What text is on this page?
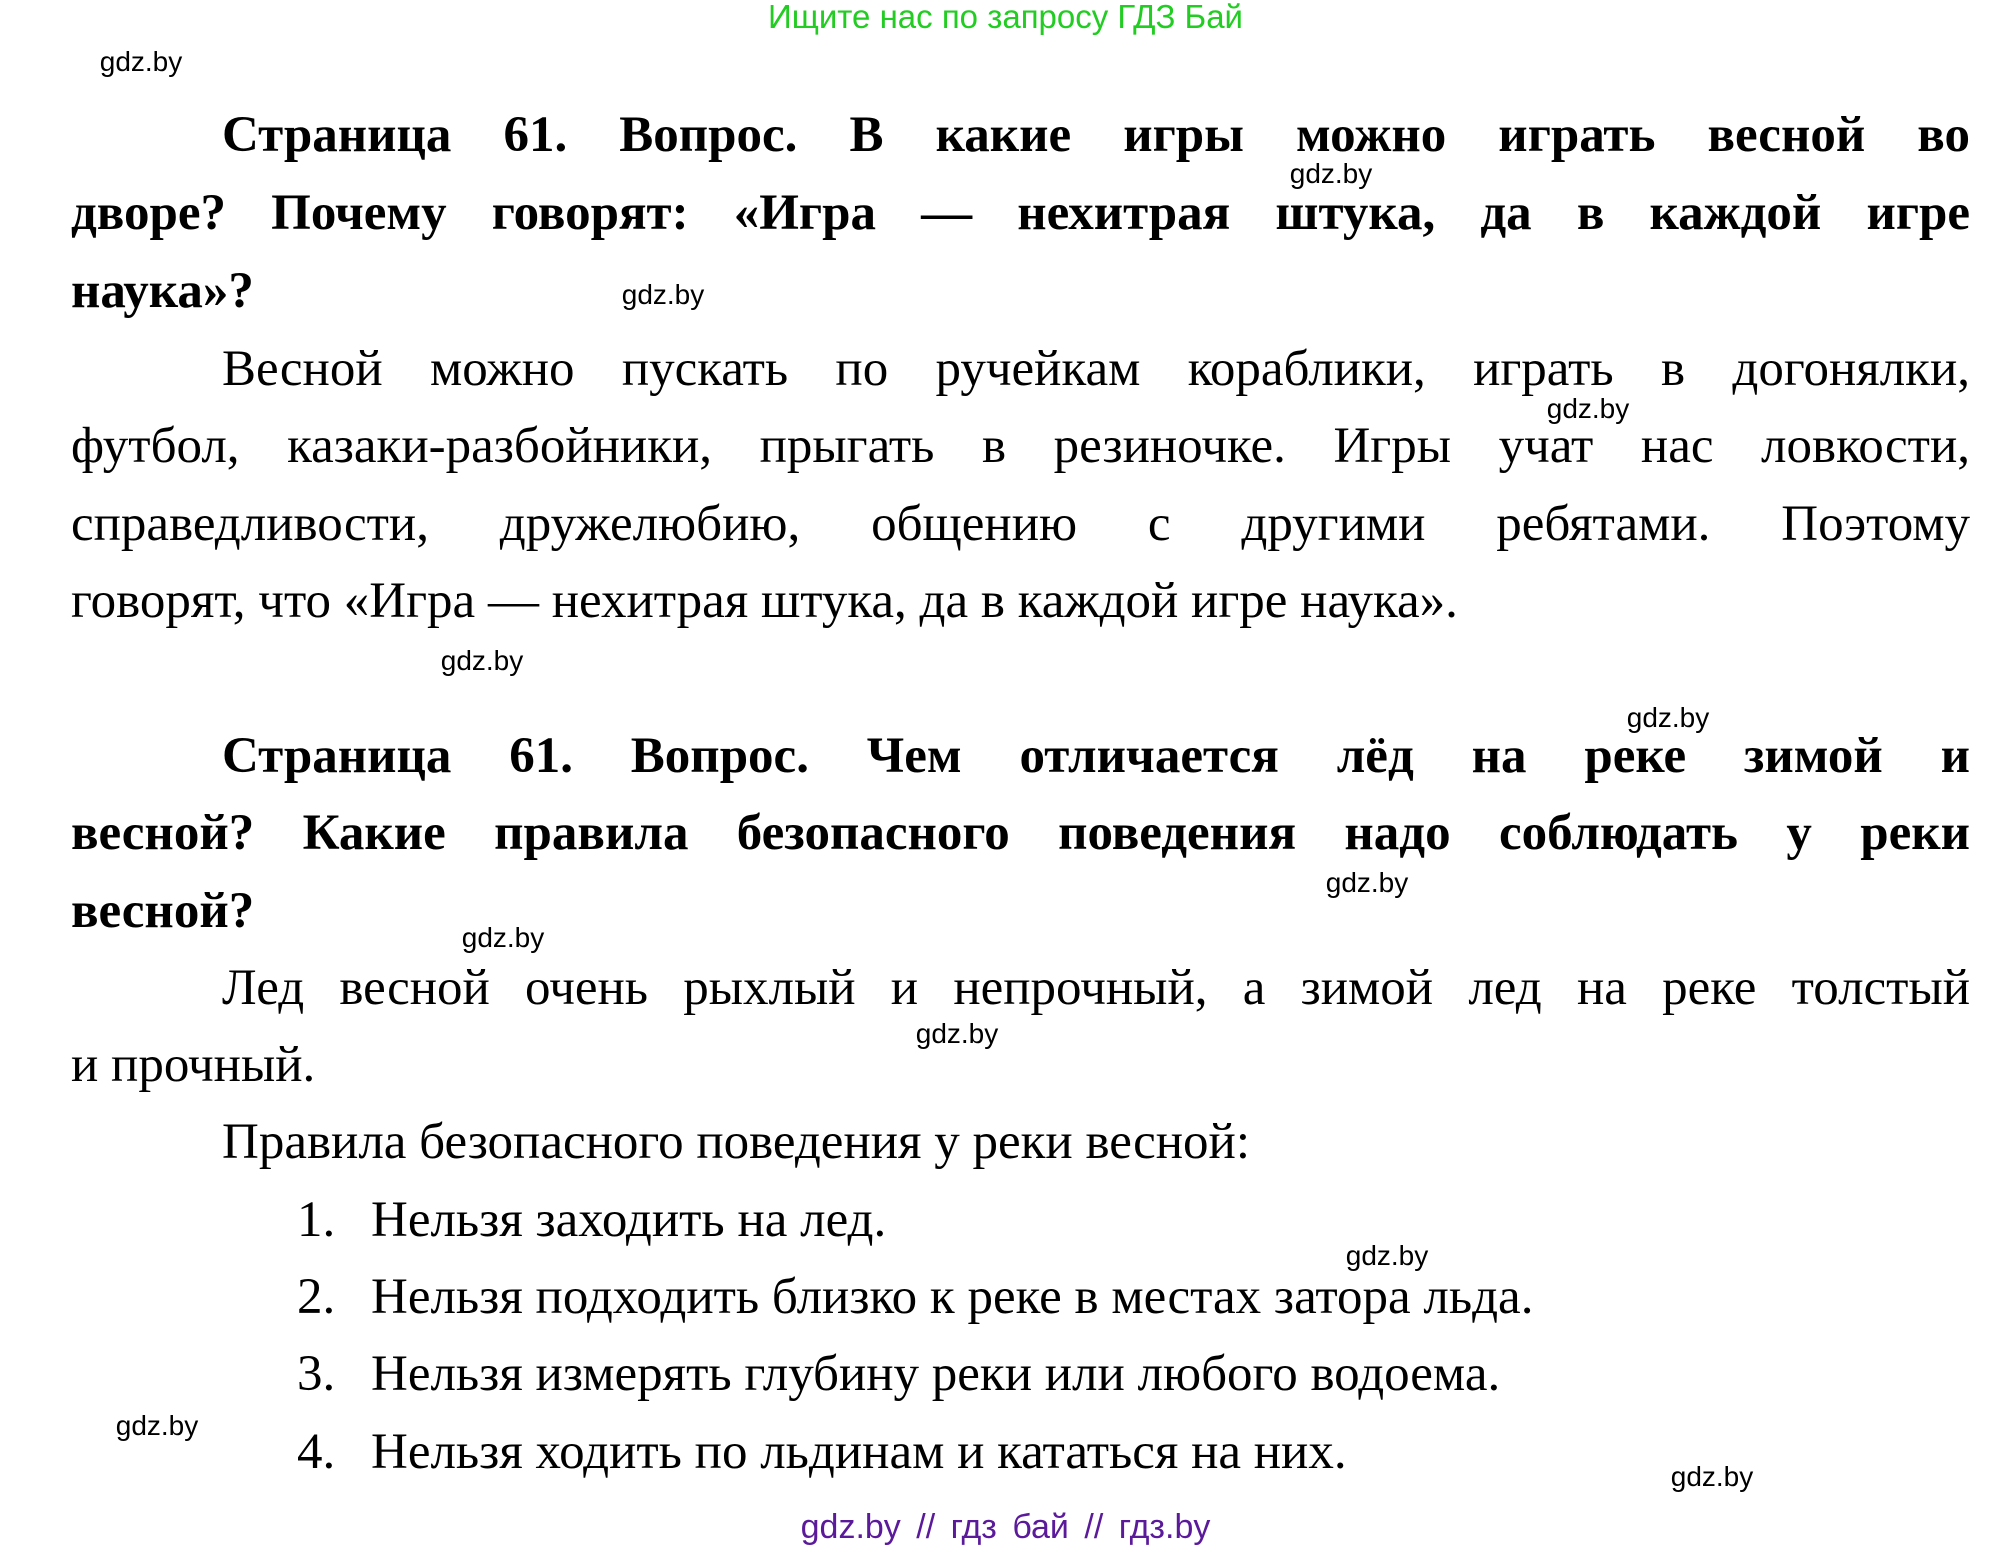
Ищите нас по запросу ГДЗ Бай
Страница 61. Вопрос. В какие игры можно играть весной во
дворе? Почему говорят: «Игра — нехитрая штука, да в каждой игре
наука»?
Весной можно пускать по ручейкам кораблики, играть в догонялки,
футбол, казаки-разбойники, прыгать в резиночке. Игры учат нас ловкости,
справедливости, дружелюбию, общению с другими ребятами. Поэтому
говорят, что «Игра — нехитрая штука, да в каждой игре наука».
Страница 61. Вопрос. Чем отличается лёд на реке зимой и
весной? Какие правила безопасного поведения надо соблюдать у реки
весной?
Лед весной очень рыхлый и непрочный, а зимой лед на реке толстый
и прочный.
Правила безопасного поведения у реки весной:
1. Нельзя заходить на лед.
2. Нельзя подходить близко к реке в местах затора льда.
3. Нельзя измерять глубину реки или любого водоема.
4. Нельзя ходить по льдинам и кататься на них.
gdz.by
gdz.by
gdz.by
gdz.by
gdz.by
gdz.by
gdz.by
gdz.by
gdz.by
gdz.by
gdz.by
gdz.by
gdz.by // гдз бай // гдз.by
